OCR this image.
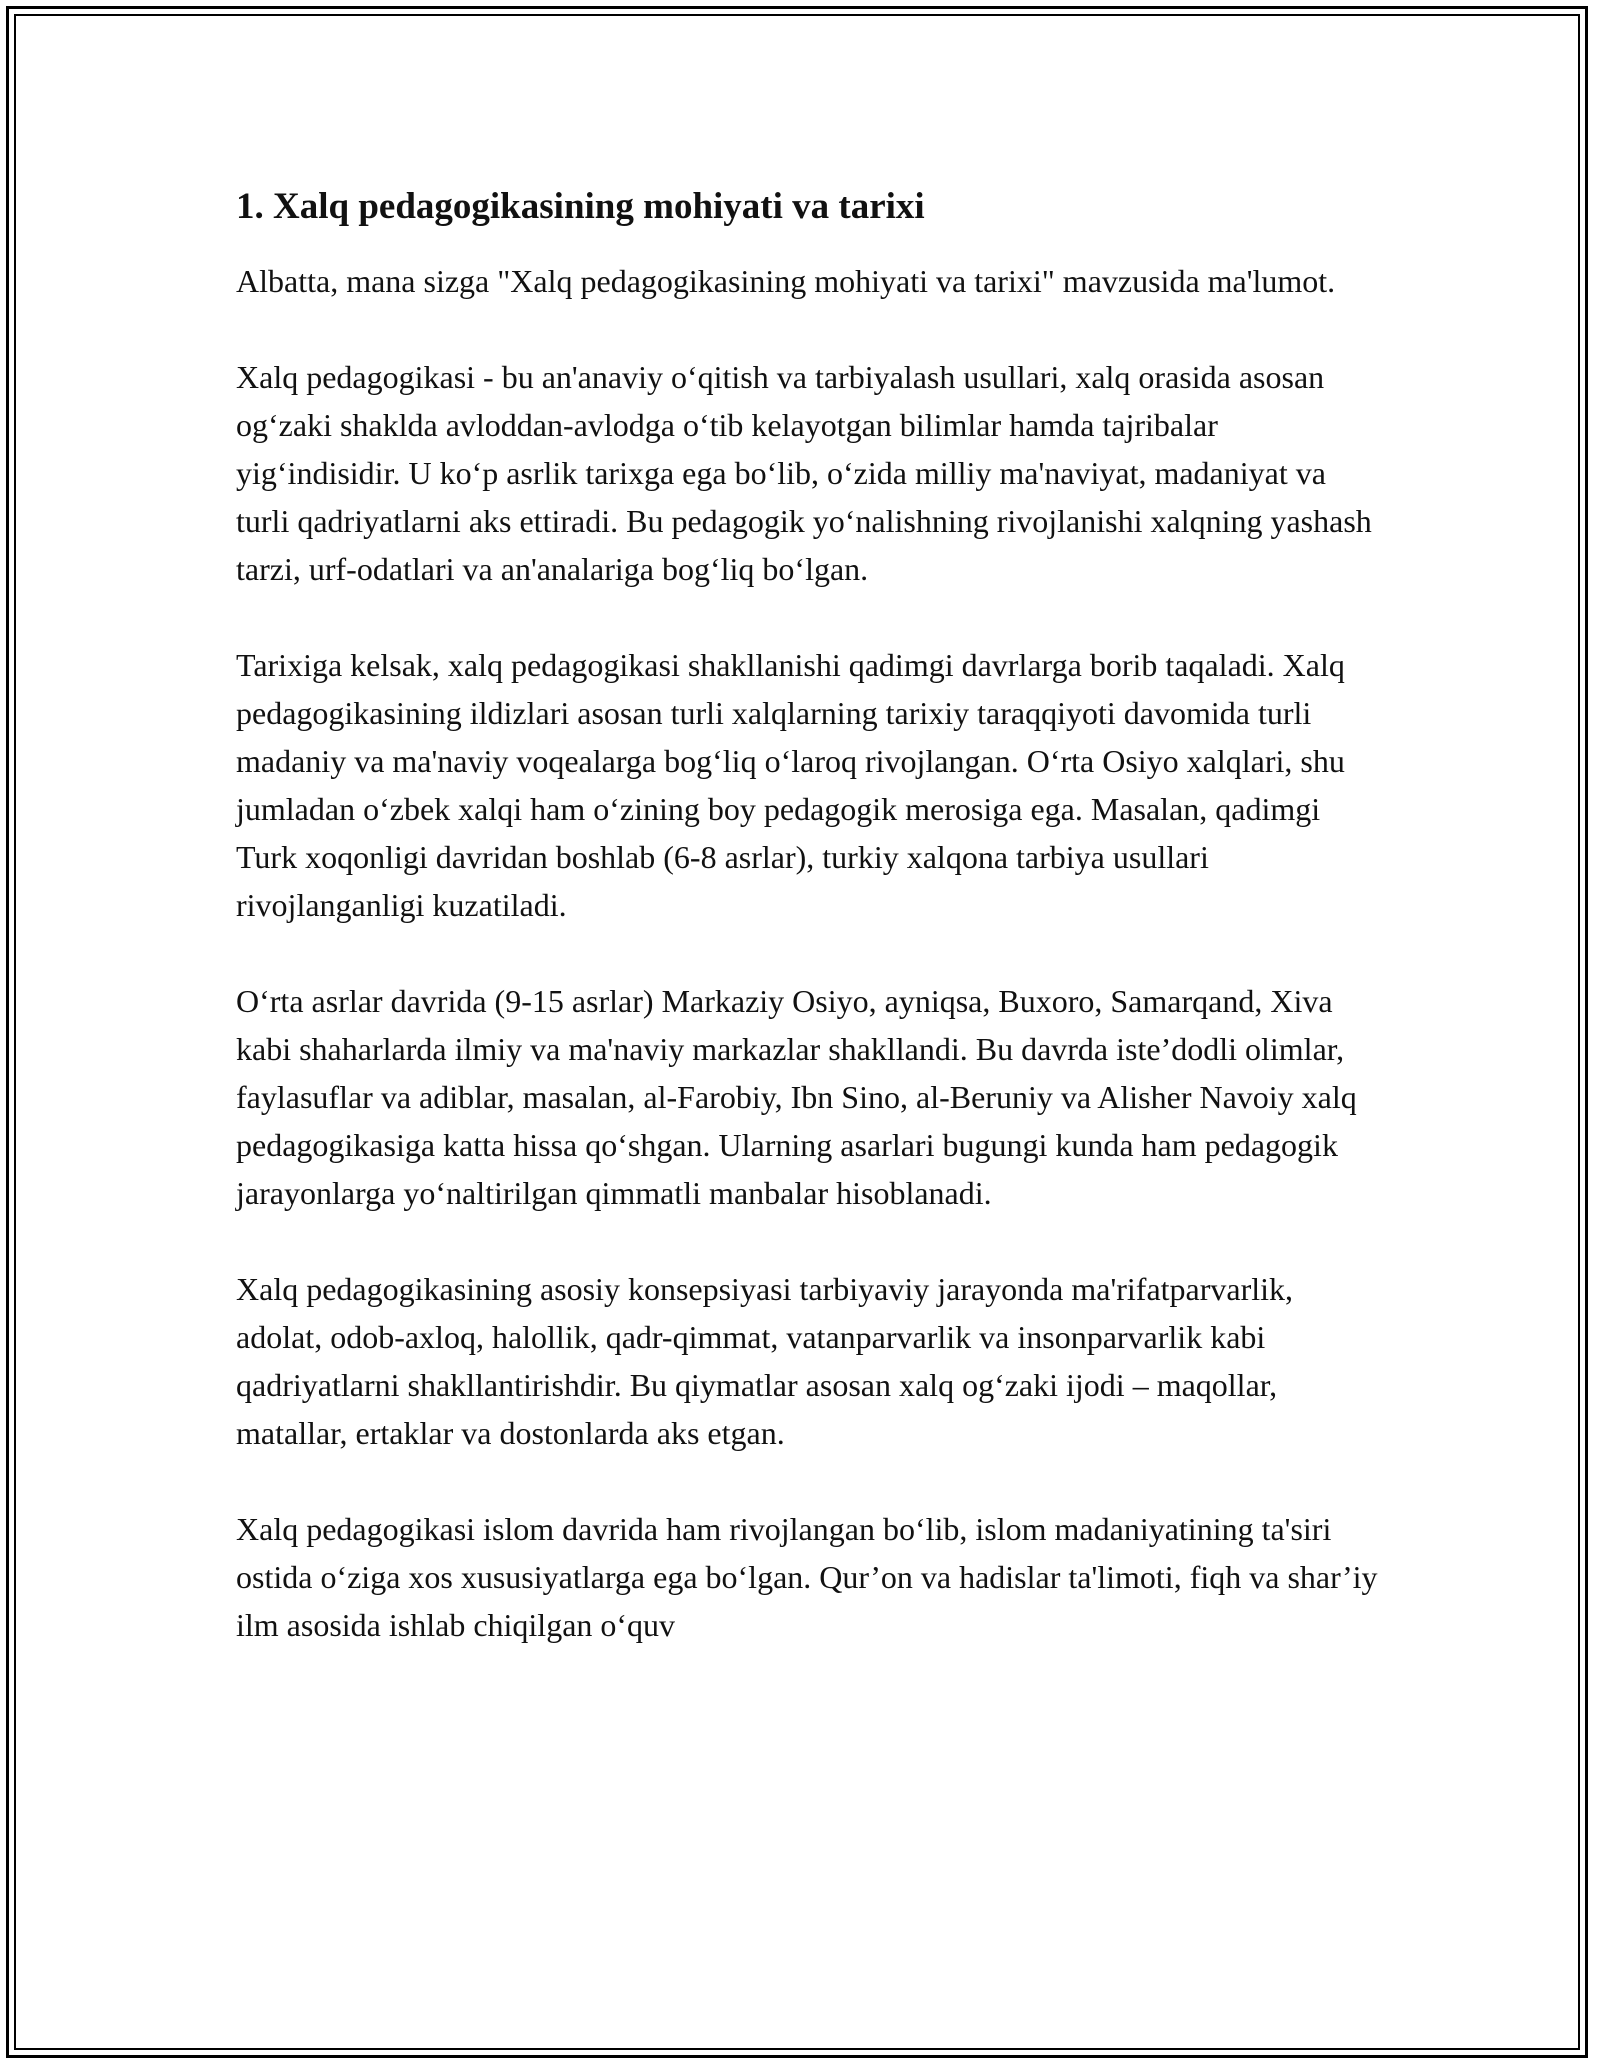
1. Xalq pedagogikasining mohiyati va tarixi

Albatta, mana sizga "Xalq pedagogikasining mohiyati va tarixi" mavzusida ma'lumot.

Xalq pedagogikasi - bu an'anaviy o‘qitish va tarbiyalash usullari, xalq orasida asosan og‘zaki shaklda avloddan-avlodga o‘tib kelayotgan bilimlar hamda tajribalar yig‘indisidir. U ko‘p asrlik tarixga ega bo‘lib, o‘zida milliy ma'naviyat, madaniyat va turli qadriyatlarni aks ettiradi. Bu pedagogik yo‘nalishning rivojlanishi xalqning yashash tarzi, urf-odatlari va an'analariga bog‘liq bo‘lgan.

Tarixiga kelsak, xalq pedagogikasi shakllanishi qadimgi davrlarga borib taqaladi. Xalq pedagogikasining ildizlari asosan turli xalqlarning tarixiy taraqqiyoti davomida turli madaniy va ma'naviy voqealarga bog‘liq o‘laroq rivojlangan. O‘rta Osiyo xalqlari, shu jumladan o‘zbek xalqi ham o‘zining boy pedagogik merosiga ega. Masalan, qadimgi Turk xoqonligi davridan boshlab (6-8 asrlar), turkiy xalqona tarbiya usullari rivojlanganligi kuzatiladi.

O‘rta asrlar davrida (9-15 asrlar) Markaziy Osiyo, ayniqsa, Buxoro, Samarqand, Xiva kabi shaharlarda ilmiy va ma'naviy markazlar shakllandi. Bu davrda iste’dodli olimlar, faylasuflar va adiblar, masalan, al-Farobiy, Ibn Sino, al-Beruniy va Alisher Navoiy xalq pedagogikasiga katta hissa qo‘shgan. Ularning asarlari bugungi kunda ham pedagogik jarayonlarga yo‘naltirilgan qimmatli manbalar hisoblanadi.

Xalq pedagogikasining asosiy konsepsiyasi tarbiyaviy jarayonda ma'rifatparvarlik, adolat, odob-axloq, halollik, qadr-qimmat, vatanparvarlik va insonparvarlik kabi qadriyatlarni shakllantirishdir. Bu qiymatlar asosan xalq og‘zaki ijodi – maqollar, matallar, ertaklar va dostonlarda aks etgan.

Xalq pedagogikasi islom davrida ham rivojlangan bo‘lib, islom madaniyatining ta'siri ostida o‘ziga xos xususiyatlarga ega bo‘lgan. Qur’on va hadislar ta'limoti, fiqh va shar’iy ilm asosida ishlab chiqilgan o‘quv
